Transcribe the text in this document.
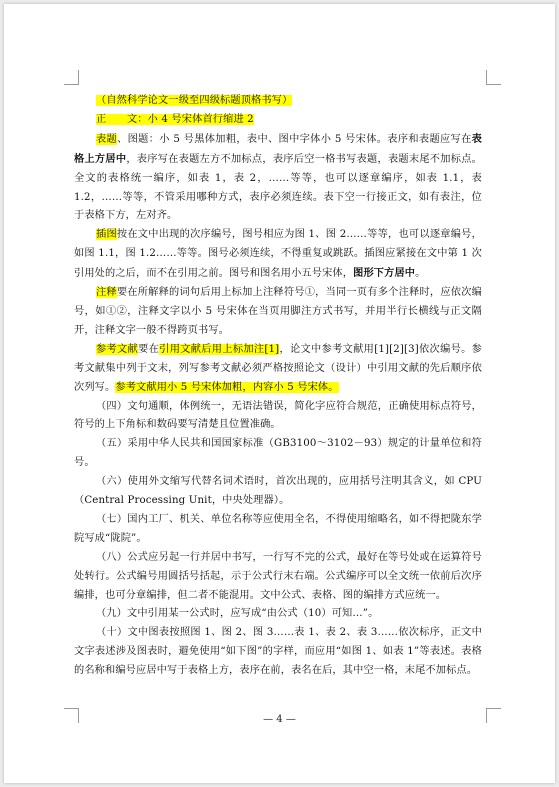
（自然科学论文一级至四级标题顶格书写）

正　　文：小 4 号宋体首行缩进 2

表题、图题：小 5 号黑体加粗，表中、图中字体小 5 号宋体。表序和表题应写在表格上方居中，表序写在表题左方不加标点，表序后空一格书写表题，表题末尾不加标点。全文的表格统一编序，如表 1，表 2，……等等，也可以逐章编序，如表 1.1，表 1.2，……等等，不管采用哪种方式，表序必须连续。表下空一行接正文，如有表注，位于表格下方，左对齐。

插图按在文中出现的次序编号，图号相应为图 1、图 2……等等，也可以逐章编号，如图 1.1，图 1.2……等等。图号必须连续，不得重复或跳跃。插图应紧接在文中第 1 次引用处的之后，而不在引用之前。图号和图名用小五号宋体，图形下方居中。

注释要在所解释的词句后用上标加上注释符号①，当同一页有多个注释时，应依次编号，如①②，注释文字以小 5 号宋体在当页用脚注方式书写，并用半行长横线与正文隔开，注释文字一般不得跨页书写。

参考文献要在引用文献后用上标加注[1]，论文中参考文献用[1][2][3]依次编号。参考文献集中列于文末，列写参考文献必须严格按照论文（设计）中引用文献的先后顺序依次列写。参考文献用小 5 号宋体加粗，内容小 5 号宋体。

（四）文句通顺，体例统一，无语法错误，简化字应符合规范，正确使用标点符号，符号的上下角标和数码要写清楚且位置准确。

（五）采用中华人民共和国国家标准（GB3100～3102－93）规定的计量单位和符号。

（六）使用外文缩写代替名词术语时，首次出现的，应用括号注明其含义，如 CPU　（Central Processing Unit，中央处理器）。

（七）国内工厂、机关、单位名称等应使用全名，不得使用缩略名，如不得把陇东学院写成“陇院”。

（八）公式应另起一行并居中书写，一行写不完的公式，最好在等号处或在运算符号处转行。公式编号用圆括号括起，示于公式行末右端。公式编序可以全文统一依前后次序编排，也可分章编排，但二者不能混用。文中公式、表格、图的编排方式应统一。

（九）文中引用某一公式时，应写成“由公式（10）可知…”。

（十）文中图表按照图 1、图 2、图 3……表 1、表 2、表 3……依次标序，正文中文字表述涉及图表时，避免使用“如下图”的字样，而应用“如图 1、如表 1”等表述。表格的名称和编号应居中写于表格上方，表序在前，表名在后，其中空一格，末尾不加标点。

— 4 —
